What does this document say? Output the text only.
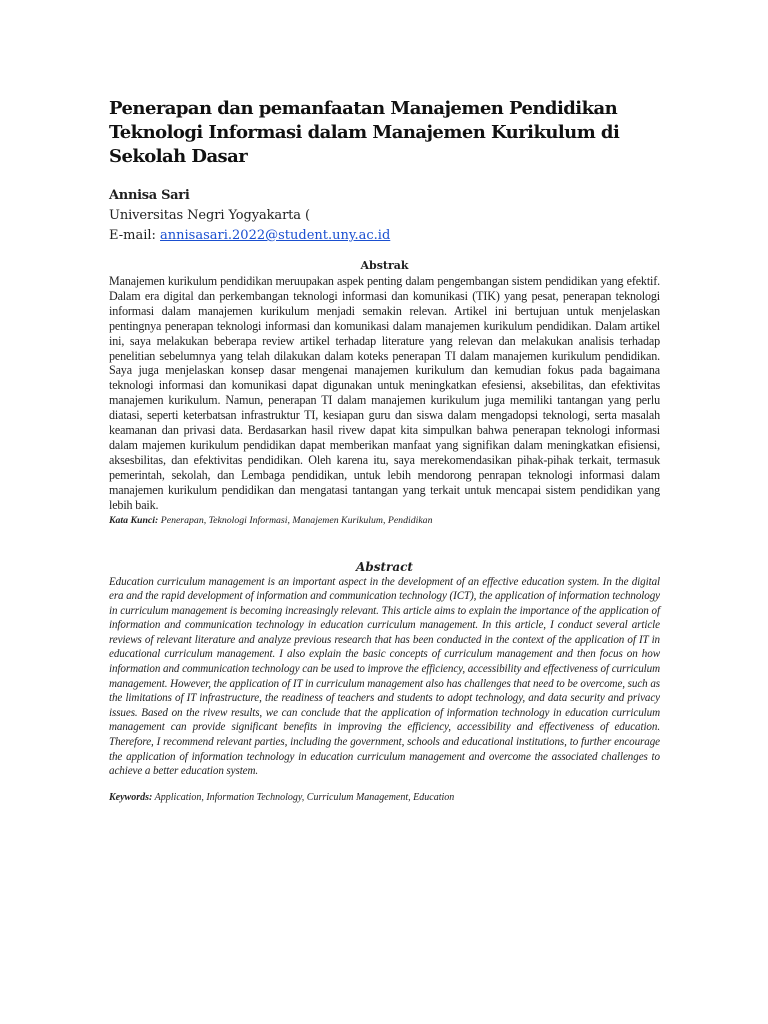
Penerapan dan pemanfaatan Manajemen Pendidikan Teknologi Informasi dalam Manajemen Kurikulum di Sekolah Dasar
Annisa Sari
Universitas Negri Yogyakarta (
E-mail: annisasari.2022@student.uny.ac.id
Abstrak

Manajemen kurikulum pendidikan meruupakan aspek penting dalam pengembangan sistem pendidikan yang efektif. Dalam era digital dan perkembangan teknologi informasi dan komunikasi (TIK) yang pesat, penerapan teknologi informasi dalam manajemen kurikulum menjadi semakin relevan. Artikel ini bertujuan untuk menjelaskan pentingnya penerapan teknologi informasi dan komunikasi dalam manajemen kurikulum pendidikan. Dalam artikel ini, saya melakukan beberapa review artikel terhadap literature yang relevan dan melakukan analisis terhadap penelitian sebelumnya yang telah dilakukan dalam koteks penerapan TI dalam manajemen kurikulum pendidikan. Saya juga menjelaskan konsep dasar mengenai manajemen kurikulum dan kemudian fokus pada bagaimana teknologi informasi dan komunikasi dapat digunakan untuk meningkatkan efesiensi, aksebilitas, dan efektivitas manajemen kurikulum. Namun, penerapan TI dalam manajemen kurikulum juga memiliki tantangan yang perlu diatasi, seperti keterbatsan infrastruktur TI, kesiapan guru dan siswa dalam mengadopsi teknologi, serta masalah keamanan dan privasi data. Berdasarkan hasil rivew dapat kita simpulkan bahwa penerapan teknologi informasi dalam majemen kurikulum pendidikan dapat memberikan manfaat yang signifikan dalam meningkatkan efisiensi, aksesbilitas, dan efektivitas pendidikan. Oleh karena itu, saya merekomendasikan pihak-pihak terkait, termasuk pemerintah, sekolah, dan Lembaga pendidikan, untuk lebih mendorong penrapan teknologi informasi dalam manajemen kurikulum pendidikan dan mengatasi tantangan yang terkait untuk mencapai sistem pendidikan yang lebih baik.

Kata Kunci: Penerapan, Teknologi Informasi, Manajemen Kurikulum, Pendidikan

Abstract

Education curriculum management is an important aspect in the development of an effective education system. In the digital era and the rapid development of information and communication technology (ICT), the application of information technology in curriculum management is becoming increasingly relevant. This article aims to explain the importance of the application of information and communication technology in education curriculum management. In this article, I conduct several article reviews of relevant literature and analyze previous research that has been conducted in the context of the application of IT in educational curriculum management. I also explain the basic concepts of curriculum management and then focus on how information and communication technology can be used to improve the efficiency, accessibility and effectiveness of curriculum management. However, the application of IT in curriculum management also has challenges that need to be overcome, such as the limitations of IT infrastructure, the readiness of teachers and students to adopt technology, and data security and privacy issues. Based on the rivew results, we can conclude that the application of information technology in education curriculum management can provide significant benefits in improving the efficiency, accessibility and effectiveness of education. Therefore, I recommend relevant parties, including the government, schools and educational institutions, to further encourage the application of information technology in education curriculum management and overcome the associated challenges to achieve a better education system.

Keywords: Application, Information Technology, Curriculum Management, Education
